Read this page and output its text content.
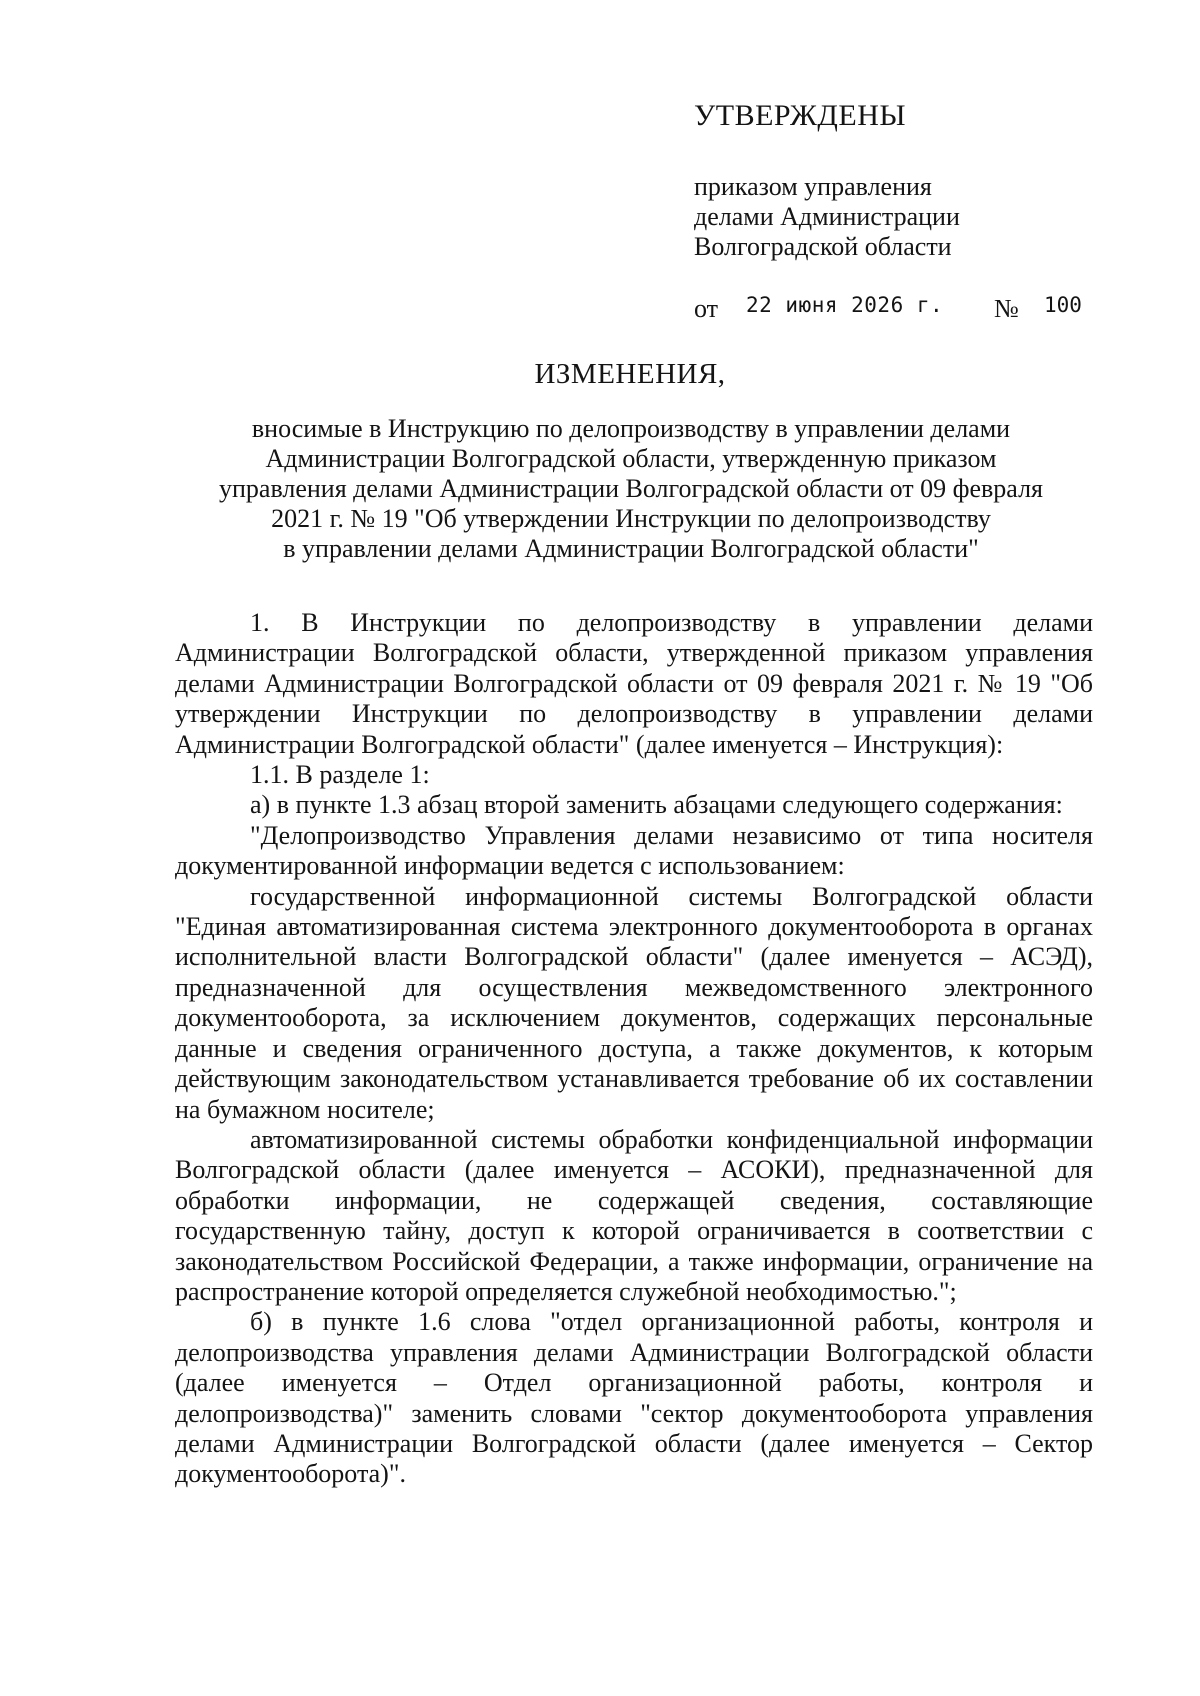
УТВЕРЖДЕНЫ

приказом управления

делами Администрации

Волгоградской области

от 22 июня 2026 г. № 100

ИЗМЕНЕНИЯ,

вносимые в Инструкцию по делопроизводству в управлении делами
Администрации Волгоградской области, утвержденную приказом
управления делами Администрации Волгоградской области от 09 февраля
2021 г. № 19 "Об утверждении Инструкции по делопроизводству
в управлении делами Администрации Волгоградской области"

1. В Инструкции по делопроизводству в управлении делами Администрации Волгоградской области, утвержденной приказом управления делами Администрации Волгоградской области от 09 февраля 2021 г. № 19 "Об утверждении Инструкции по делопроизводству в управлении делами Администрации Волгоградской области" (далее именуется – Инструкция):

1.1. В разделе 1:

а) в пункте 1.3 абзац второй заменить абзацами следующего содержания:

"Делопроизводство Управления делами независимо от типа носителя документированной информации ведется с использованием:

государственной информационной системы Волгоградской области "Единая автоматизированная система электронного документооборота в органах исполнительной власти Волгоградской области" (далее именуется – АСЭД), предназначенной для осуществления межведомственного электронного документооборота, за исключением документов, содержащих персональные данные и сведения ограниченного доступа, а также документов, к которым действующим законодательством устанавливается требование об их составлении на бумажном носителе;

автоматизированной системы обработки конфиденциальной информации Волгоградской области (далее именуется – АСОКИ), предназначенной для обработки информации, не содержащей сведения, составляющие государственную тайну, доступ к которой ограничивается в соответствии с законодательством Российской Федерации, а также информации, ограничение на распространение которой определяется служебной необходимостью.";

б) в пункте 1.6 слова "отдел организационной работы, контроля и делопроизводства управления делами Администрации Волгоградской области (далее именуется – Отдел организационной работы, контроля и делопроизводства)" заменить словами "сектор документооборота управления делами Администрации Волгоградской области (далее именуется – Сектор документооборота)".
